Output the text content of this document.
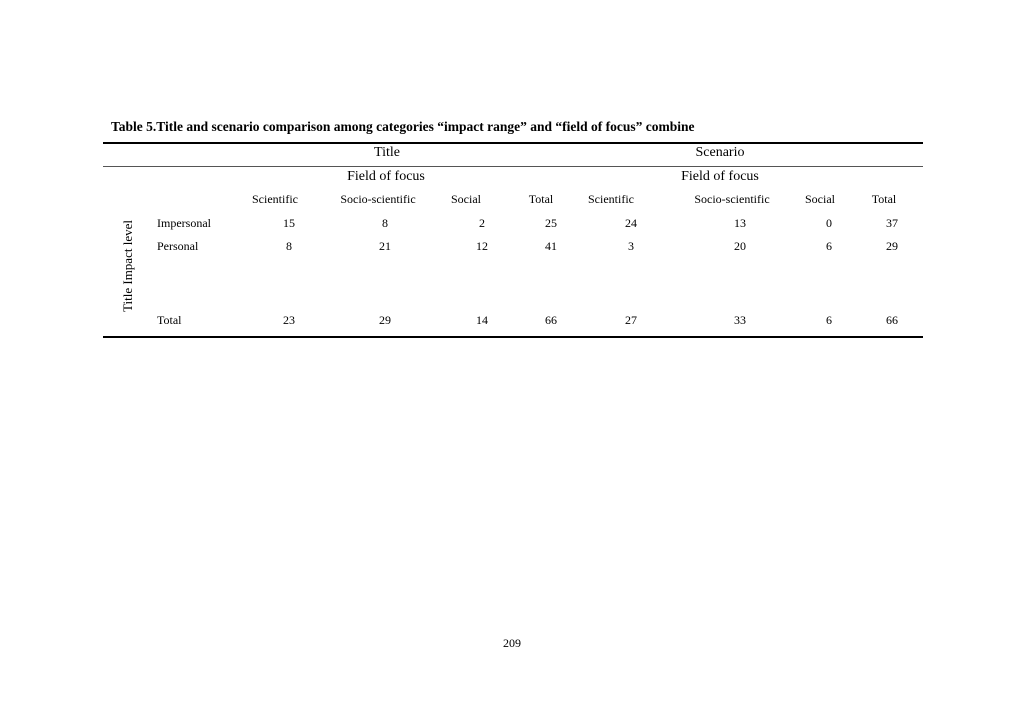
Table 5.Title and scenario comparison among categories “impact range” and “field of focus” combine
Title	Scenario
Field of focus	Field of focus
Scientific	Socio-scientific	Social	Total	Scientific	Socio-scientific	Social	Total
Title Impact level Impersonal	15	8	2	25	24	13	0	37
Personal	8	21	12	41	3	20	6	29
Total	23	29	14	66	27	33	6	66
209
